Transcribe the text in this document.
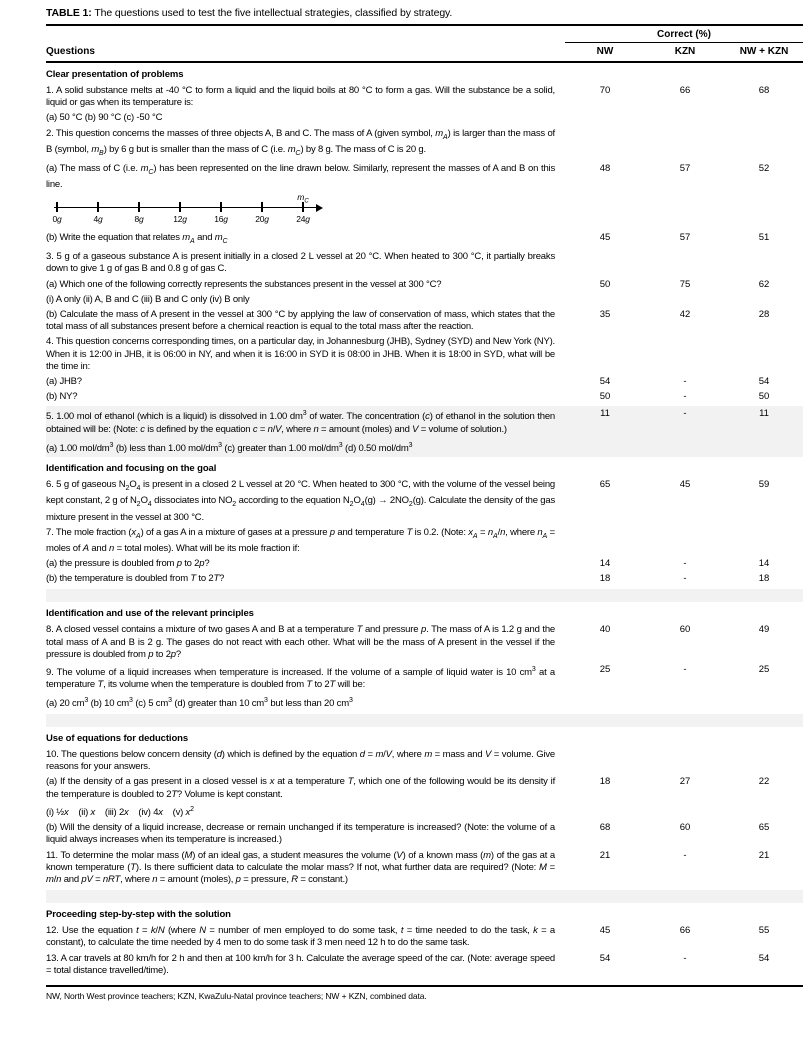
TABLE 1: The questions used to test the five intellectual strategies, classified by strategy.
Correct (%)
Questions	NW	KZN	NW + KZN
Clear presentation of problems
1. A solid substance melts at -40 °C to form a liquid and the liquid boils at 80 °C to form a gas. Will the substance be a solid, liquid or gas when its temperature is:
70	66	68
(a) 50 °C (b) 90 °C (c) -50 °C
2. This question concerns the masses of three objects A, B and C. The mass of A (given symbol, $m_A$) is larger than the mass of B (symbol, $m_B$) by 6 g but is smaller than the mass of C (i.e. $m_C$) by 8 g. The mass of C is 20 g.
(a) The mass of C (i.e. $m_C$) has been represented on the line drawn below. Similarly, represent the masses of A and B on this line.
48	57	52
0g	4g	8g	12g	16g	20g	24g
$m_C$
(b) Write the equation that relates $m_A$ and $m_C$	45	57	51
3. 5 g of a gaseous substance A is present initially in a closed 2 L vessel at 20 °C. When heated to 300 °C, it partially breaks down to give 1 g of gas B and 0.8 g of gas C.
(a) Which one of the following correctly represents the substances present in the vessel at 300 °C?	50	75	62
(i) A only (ii) A, B and C (iii) B and C only (iv) B only
(b) Calculate the mass of A present in the vessel at 300 °C by applying the law of conservation of mass, which states that the total mass of all substances present before a chemical reaction is equal to the total mass after the reaction.
35	42	28
4. This question concerns corresponding times, on a particular day, in Johannesburg (JHB), Sydney (SYD) and New York (NY). When it is 12:00 in JHB, it is 06:00 in NY, and when it is 16:00 in SYD it is 08:00 in JHB. When it is 18:00 in SYD, what will be the time in:
(a) JHB?	54	-	54
(b) NY?	50	-	50
5. 1.00 mol of ethanol (which is a liquid) is dissolved in 1.00 $dm^3$ of water. The concentration (c) of ethanol in the solution then obtained will be: (Note: c is defined by the equation c = n/V, where n = amount (moles) and V = volume of solution.)
11	-	11
(a) 1.00 mol/$dm^3$ (b) less than 1.00 mol/$dm^3$ (c) greater than 1.00 mol/$dm^3$ (d) 0.50 mol/$dm^3$
Identification and focusing on the goal
6. 5 g of gaseous $N_2O_4$ is present in a closed 2 L vessel at 20 °C. When heated to 300 °C, with the volume of the vessel being kept constant, 2 g of $N_2O_4$ dissociates into $NO_2$ according to the equation $N_2O_4(g) \to 2NO_2(g)$. Calculate the density of the gas mixture present in the vessel at 300 °C.
65	45	59
7. The mole fraction $(x_A)$ of a gas A in a mixture of gases at a pressure p and temperature T is 0.2. (Note: $x_A = n_A/n$, where $n_A$ = moles of A and n = total moles). What will be its mole fraction if:
(a) the pressure is doubled from p to 2p?	14	-	14
(b) the temperature is doubled from T to 2T?	18	-	18
Identification and use of the relevant principles
8. A closed vessel contains a mixture of two gases A and B at a temperature T and pressure p. The mass of A is 1.2 g and the total mass of A and B is 2 g. The gases do not react with each other. What will be the mass of A present in the vessel if the pressure is doubled from p to 2p?
40	60	49
9. The volume of a liquid increases when temperature is increased. If the volume of a sample of liquid water is 10 $cm^3$ at a temperature T, its volume when the temperature is doubled from T to 2T will be:
25	-	25
(a) 20 $cm^3$ (b) 10 $cm^3$ (c) 5 $cm^3$ (d) greater than 10 $cm^3$ but less than 20 $cm^3$
Use of equations for deductions
10. The questions below concern density (d) which is defined by the equation d = m/V, where m = mass and V = volume. Give reasons for your answers.
(a) If the density of a gas present in a closed vessel is x at a temperature T, which one of the following would be its density if the temperature is doubled to 2T? Volume is kept constant.
18	27	22
(i) ½x    (ii) x    (iii) 2x    (iv) 4x    (v) $x^2$
(b) Will the density of a liquid increase, decrease or remain unchanged if its temperature is increased? (Note: the volume of a liquid always increases when its temperature is increased.)
68	60	65
11. To determine the molar mass (M) of an ideal gas, a student measures the volume (V) of a known mass (m) of the gas at a known temperature (T). Is there sufficient data to calculate the molar mass? If not, what further data are required? (Note: M = m/n and pV = nRT, where n = amount (moles), p = pressure, R = constant.)
21	-	21
Proceeding step-by-step with the solution
12. Use the equation t = k/N (where N = number of men employed to do some task, t = time needed to do the task, k = a constant), to calculate the time needed by 4 men to do some task if 3 men need 12 h to do the same task.
45	66	55
13. A car travels at 80 km/h for 2 h and then at 100 km/h for 3 h. Calculate the average speed of the car. (Note: average speed = total distance travelled/time).
54	-	54
NW, North West province teachers; KZN, KwaZulu-Natal province teachers; NW + KZN, combined data.
